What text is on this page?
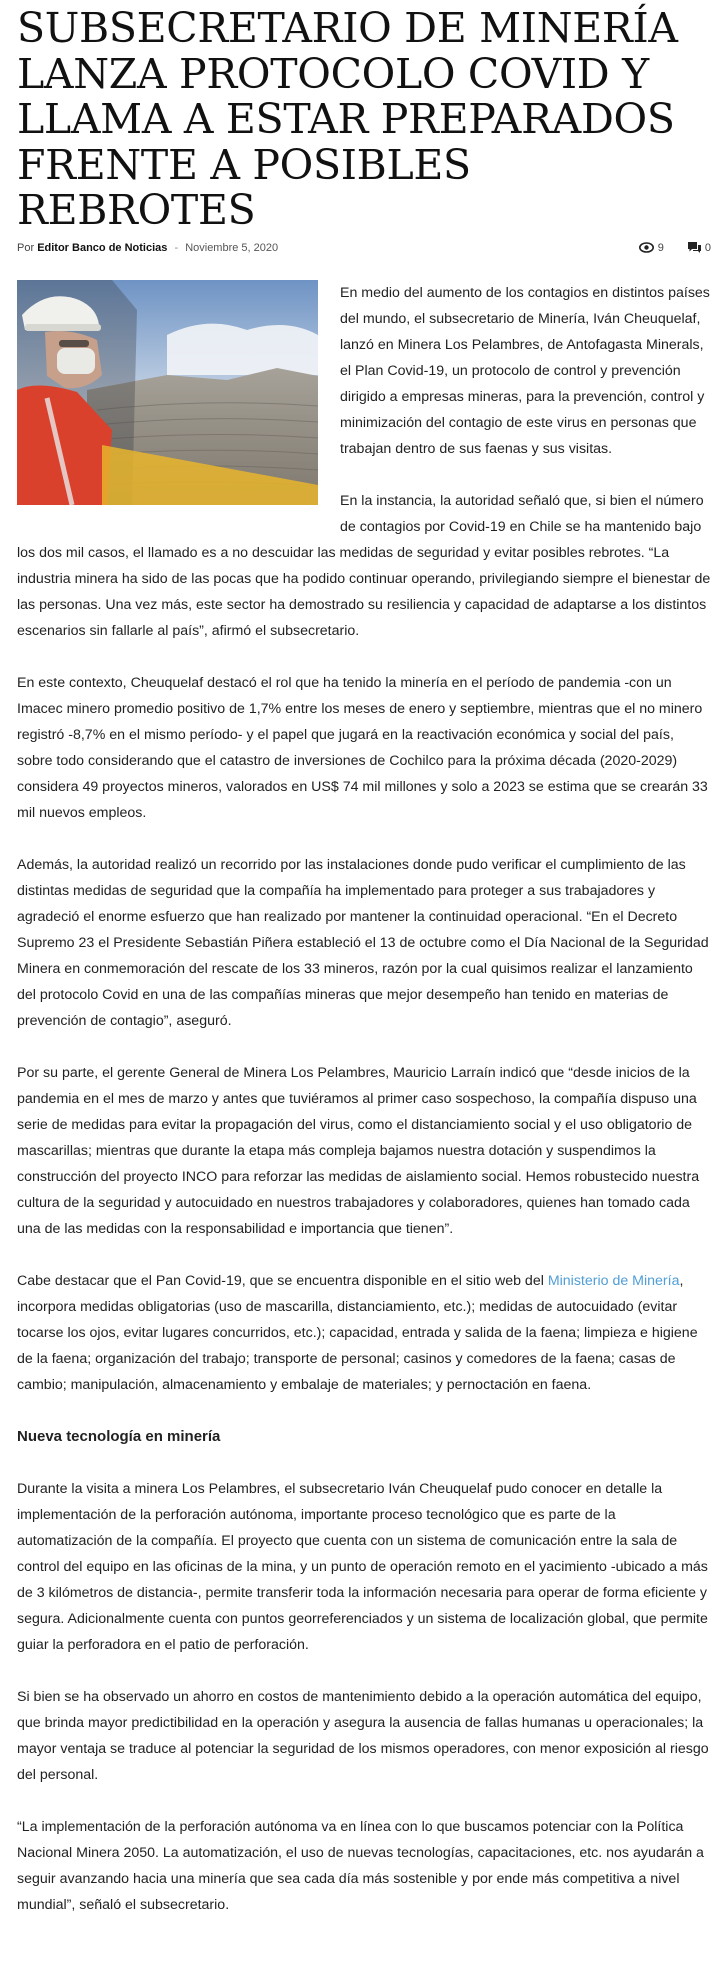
SUBSECRETARIO DE MINERÍA LANZA PROTOCOLO COVID Y LLAMA A ESTAR PREPARADOS FRENTE A POSIBLES REBROTES
Por Editor Banco de Noticias - Noviembre 5, 2020	9	0

En medio del aumento de los contagios en distintos países del mundo, el subsecretario de Minería, Iván Cheuquelaf, lanzó en Minera Los Pelambres, de Antofagasta Minerals, el Plan Covid-19, un protocolo de control y prevención dirigido a empresas mineras, para la prevención, control y minimización del contagio de este virus en personas que trabajan dentro de sus faenas y sus visitas.

En la instancia, la autoridad señaló que, si bien el número de contagios por Covid-19 en Chile se ha mantenido bajo los dos mil casos, el llamado es a no descuidar las medidas de seguridad y evitar posibles rebrotes. “La industria minera ha sido de las pocas que ha podido continuar operando, privilegiando siempre el bienestar de las personas. Una vez más, este sector ha demostrado su resiliencia y capacidad de adaptarse a los distintos escenarios sin fallarle al país”, afirmó el subsecretario.

En este contexto, Cheuquelaf destacó el rol que ha tenido la minería en el período de pandemia -con un Imacec minero promedio positivo de 1,7% entre los meses de enero y septiembre, mientras que el no minero registró -8,7% en el mismo período- y el papel que jugará en la reactivación económica y social del país, sobre todo considerando que el catastro de inversiones de Cochilco para la próxima década (2020-2029) considera 49 proyectos mineros, valorados en US$ 74 mil millones y solo a 2023 se estima que se crearán 33 mil nuevos empleos.

Además, la autoridad realizó un recorrido por las instalaciones donde pudo verificar el cumplimiento de las distintas medidas de seguridad que la compañía ha implementado para proteger a sus trabajadores y agradeció el enorme esfuerzo que han realizado por mantener la continuidad operacional. “En el Decreto Supremo 23 el Presidente Sebastián Piñera estableció el 13 de octubre como el Día Nacional de la Seguridad Minera en conmemoración del rescate de los 33 mineros, razón por la cual quisimos realizar el lanzamiento del protocolo Covid en una de las compañías mineras que mejor desempeño han tenido en materias de prevención de contagio”, aseguró.

Por su parte, el gerente General de Minera Los Pelambres, Mauricio Larraín indicó que “desde inicios de la pandemia en el mes de marzo y antes que tuviéramos al primer caso sospechoso, la compañía dispuso una serie de medidas para evitar la propagación del virus, como el distanciamiento social y el uso obligatorio de mascarillas; mientras que durante la etapa más compleja bajamos nuestra dotación y suspendimos la construcción del proyecto INCO para reforzar las medidas de aislamiento social. Hemos robustecido nuestra cultura de la seguridad y autocuidado en nuestros trabajadores y colaboradores, quienes han tomado cada una de las medidas con la responsabilidad e importancia que tienen”.

Cabe destacar que el Pan Covid-19, que se encuentra disponible en el sitio web del Ministerio de Minería, incorpora medidas obligatorias (uso de mascarilla, distanciamiento, etc.); medidas de autocuidado (evitar tocarse los ojos, evitar lugares concurridos, etc.); capacidad, entrada y salida de la faena; limpieza e higiene de la faena; organización del trabajo; transporte de personal; casinos y comedores de la faena; casas de cambio; manipulación, almacenamiento y embalaje de materiales; y pernoctación en faena.

Nueva tecnología en minería

Durante la visita a minera Los Pelambres, el subsecretario Iván Cheuquelaf pudo conocer en detalle la implementación de la perforación autónoma, importante proceso tecnológico que es parte de la automatización de la compañía. El proyecto que cuenta con un sistema de comunicación entre la sala de control del equipo en las oficinas de la mina, y un punto de operación remoto en el yacimiento -ubicado a más de 3 kilómetros de distancia-, permite transferir toda la información necesaria para operar de forma eficiente y segura. Adicionalmente cuenta con puntos georreferenciados y un sistema de localización global, que permite guiar la perforadora en el patio de perforación.

Si bien se ha observado un ahorro en costos de mantenimiento debido a la operación automática del equipo, que brinda mayor predictibilidad en la operación y asegura la ausencia de fallas humanas u operacionales; la mayor ventaja se traduce al potenciar la seguridad de los mismos operadores, con menor exposición al riesgo del personal.

“La implementación de la perforación autónoma va en línea con lo que buscamos potenciar con la Política Nacional Minera 2050. La automatización, el uso de nuevas tecnologías, capacitaciones, etc. nos ayudarán a seguir avanzando hacia una minería que sea cada día más sostenible y por ende más competitiva a nivel mundial”, señaló el subsecretario.
